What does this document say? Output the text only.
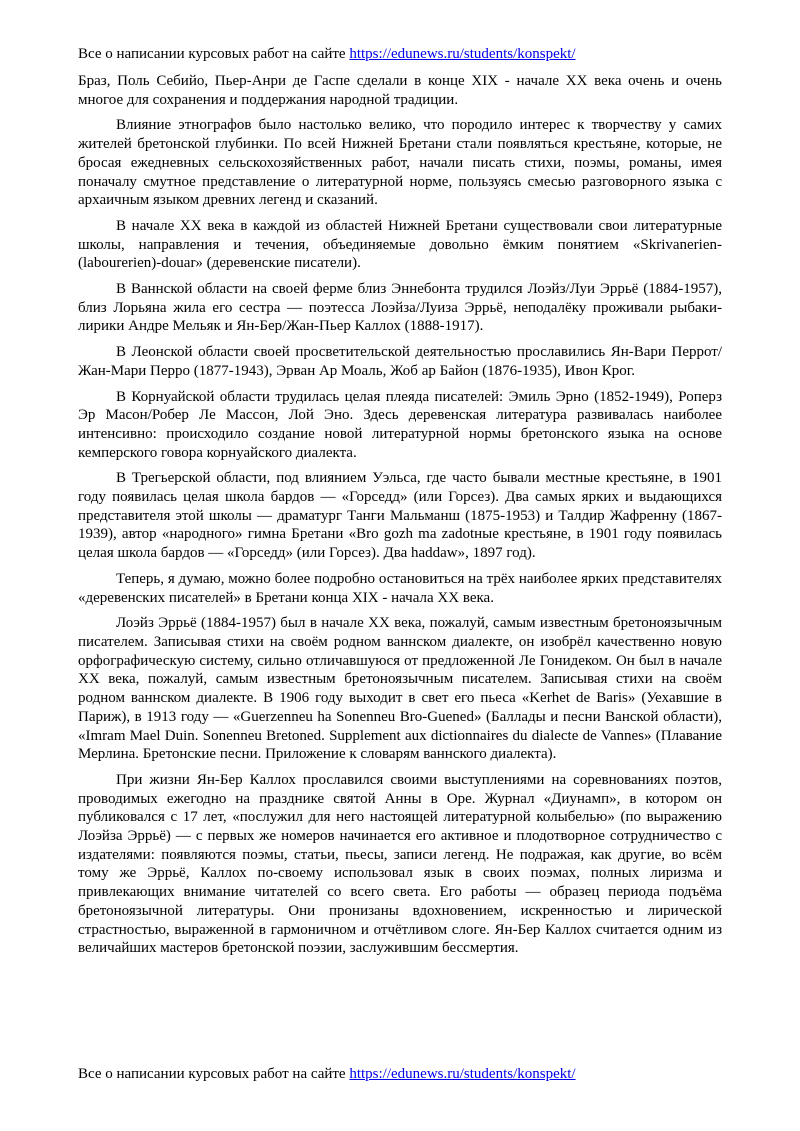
Все о написании курсовых работ на сайте https://edunews.ru/students/konspekt/

Браз, Поль Себийо, Пьер-Анри де Гаспе сделали в конце XIX - начале XX века очень и очень многое для сохранения и поддержания народной традиции.

Влияние этнографов было настолько велико, что породило интерес к творчеству у самих жителей бретонской глубинки. По всей Нижней Бретани стали появляться крестьяне, которые, не бросая ежедневных сельскохозяйственных работ, начали писать стихи, поэмы, романы, имея поначалу смутное представление о литературной норме, пользуясь смесью разговорного языка с архаичным языком древних легенд и сказаний.

В начале XX века в каждой из областей Нижней Бретани существовали свои литературные школы, направления и течения, объединяемые довольно ёмким понятием «Skrivanerien-(labourerien)-douar» (деревенские писатели).

В Ваннской области на своей ферме близ Эннебонта трудился Лоэйз/Луи Эррьё (1884-1957), близ Лорьяна жила его сестра — поэтесса Лоэйза/Луиза Эррьё, неподалёку проживали рыбаки-лирики Андре Мельяк и Ян-Бер/Жан-Пьер Каллох (1888-1917).

В Леонской области своей просветительской деятельностью прославились Ян-Вари Перрот/Жан-Мари Перро (1877-1943), Эрван Ар Моаль, Жоб ар Байон (1876-1935), Ивон Крог.

В Корнуайской области трудилась целая плеяда писателей: Эмиль Эрно (1852-1949), Роперз Эр Масон/Робер Ле Массон, Лой Эно. Здесь деревенская литература развивалась наиболее интенсивно: происходило создание новой литературной нормы бретонского языка на основе кемперского говора корнуайского диалекта.

В Трегьерской области, под влиянием Уэльса, где часто бывали местные крестьяне, в 1901 году появилась целая школа бардов — «Горседд» (или Горсез). Два самых ярких и выдающихся представителя этой школы — драматург Танги Мальманш (1875-1953) и Талдир Жафренну (1867-1939), автор «народного» гимна Бретани «Bro gozh ma zadotные крестьяне, в 1901 году появилась целая школа бардов — «Горседд» (или Горсез). Два haddaw», 1897 год).

Теперь, я думаю, можно более подробно остановиться на трёх наиболее ярких представителях «деревенских писателей» в Бретани конца XIX - начала XX века.

Лоэйз Эррьё (1884-1957) был в начале XX века, пожалуй, самым известным бретоноязычным писателем. Записывая стихи на своём родном ваннском диалекте, он изобрёл качественно новую орфографическую систему, сильно отличавшуюся от предложенной Ле Гонидеком. Он был в начале XX века, пожалуй, самым известным бретоноязычным писателем. Записывая стихи на своём родном ваннском диалекте. В 1906 году выходит в свет его пьеса «Kerhet de Baris» (Уехавшие в Париж), в 1913 году — «Guerzenneu ha Sonenneu Bro-Guened» (Баллады и песни Ванской области), «Imram Mael Duin. Sonenneu Bretoned. Supplement aux dictionnaires du dialecte de Vannes» (Плавание Мерлина. Бретонские песни. Приложение к словарям ваннского диалекта).

При жизни Ян-Бер Каллох прославился своими выступлениями на соревнованиях поэтов, проводимых ежегодно на празднике святой Анны в Оре. Журнал «Диунамп», в котором он публиковался с 17 лет, «послужил для него настоящей литературной колыбелью» (по выражению Лоэйза Эррьё) — с первых же номеров начинается его активное и плодотворное сотрудничество с издателями: появляются поэмы, статьи, пьесы, записи легенд. Не подражая, как другие, во всём тому же Эррьё, Каллох по-своему использовал язык в своих поэмах, полных лиризма и привлекающих внимание читателей со всего света. Его работы — образец периода подъёма бретоноязычной литературы. Они пронизаны вдохновением, искренностью и лирической страстностью, выраженной в гармоничном и отчётливом слоге. Ян-Бер Каллох считается одним из величайших мастеров бретонской поэзии, заслужившим бессмертия.

Все о написании курсовых работ на сайте https://edunews.ru/students/konspekt/
